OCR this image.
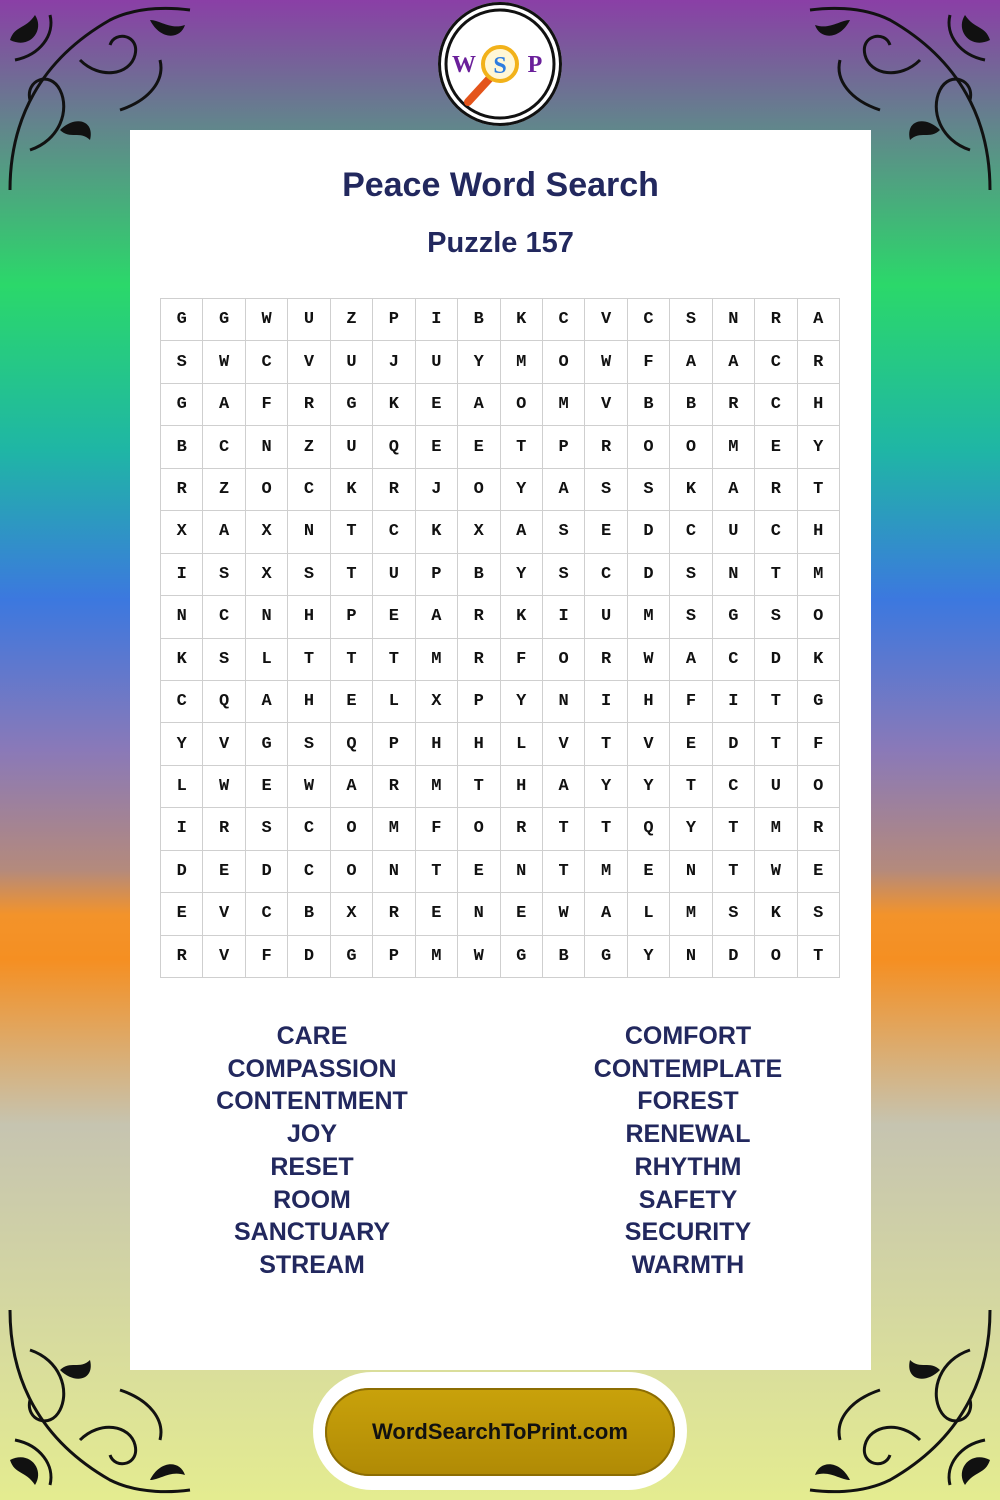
W S P
Peace Word Search
Puzzle 157
G	G	W	U	Z	P	I	B	K	C	V	C	S	N	R	A
S	W	C	V	U	J	U	Y	M	O	W	F	A	A	C	R
G	A	F	R	G	K	E	A	O	M	V	B	B	R	C	H
B	C	N	Z	U	Q	E	E	T	P	R	O	O	M	E	Y
R	Z	O	C	K	R	J	O	Y	A	S	S	K	A	R	T
X	A	X	N	T	C	K	X	A	S	E	D	C	U	C	H
I	S	X	S	T	U	P	B	Y	S	C	D	S	N	T	M
N	C	N	H	P	E	A	R	K	I	U	M	S	G	S	O
K	S	L	T	T	T	M	R	F	O	R	W	A	C	D	K
C	Q	A	H	E	L	X	P	Y	N	I	H	F	I	T	G
Y	V	G	S	Q	P	H	H	L	V	T	V	E	D	T	F
L	W	E	W	A	R	M	T	H	A	Y	Y	T	C	U	O
I	R	S	C	O	M	F	O	R	T	T	Q	Y	T	M	R
D	E	D	C	O	N	T	E	N	T	M	E	N	T	W	E
E	V	C	B	X	R	E	N	E	W	A	L	M	S	K	S
R	V	F	D	G	P	M	W	G	B	G	Y	N	D	O	T
CARE
COMPASSION
CONTENTMENT
JOY
RESET
ROOM
SANCTUARY
STREAM
COMFORT
CONTEMPLATE
FOREST
RENEWAL
RHYTHM
SAFETY
SECURITY
WARMTH
WordSearchToPrint.com
